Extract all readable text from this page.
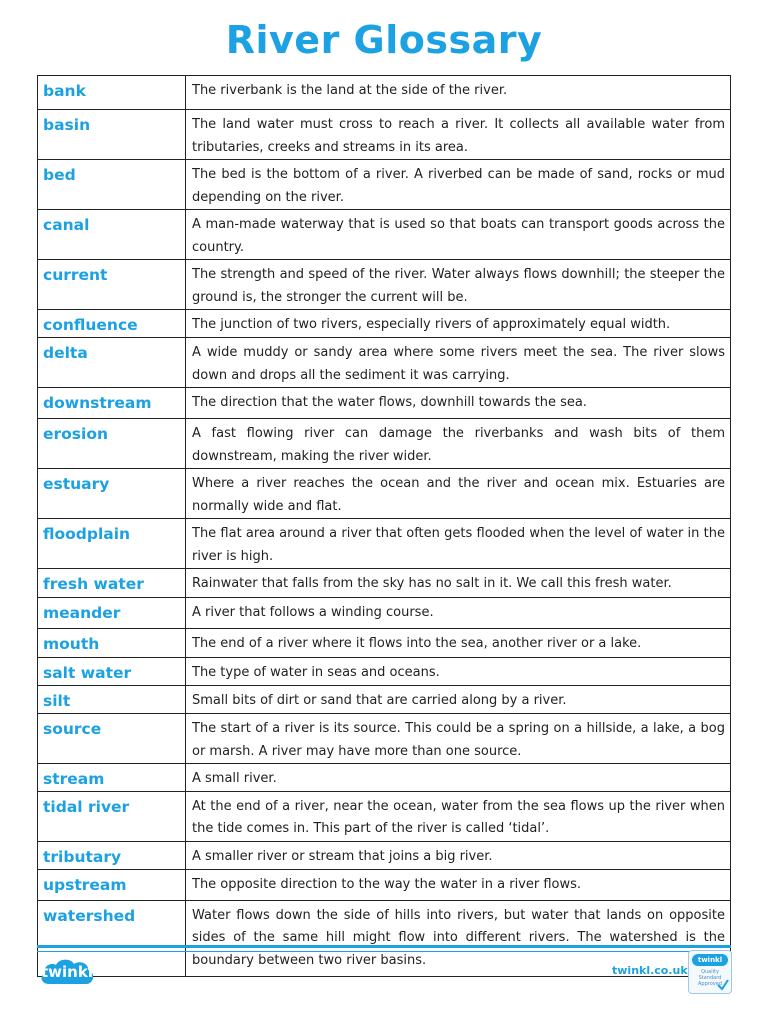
River Glossary
bank	The riverbank is the land at the side of the river.
basin	The land water must cross to reach a river. It collects all available water from tributaries, creeks and streams in its area.
bed	The bed is the bottom of a river. A riverbed can be made of sand, rocks or mud depending on the river.
canal	A man-made waterway that is used so that boats can transport goods across the country.
current	The strength and speed of the river. Water always flows downhill; the steeper the ground is, the stronger the current will be.
confluence	The junction of two rivers, especially rivers of approximately equal width.
delta	A wide muddy or sandy area where some rivers meet the sea. The river slows down and drops all the sediment it was carrying.
downstream	The direction that the water flows, downhill towards the sea.
erosion	A fast flowing river can damage the riverbanks and wash bits of them downstream, making the river wider.
estuary	Where a river reaches the ocean and the river and ocean mix. Estuaries are normally wide and flat.
floodplain	The flat area around a river that often gets flooded when the level of water in the river is high.
fresh water	Rainwater that falls from the sky has no salt in it. We call this fresh water.
meander	A river that follows a winding course.
mouth	The end of a river where it flows into the sea, another river or a lake.
salt water	The type of water in seas and oceans.
silt	Small bits of dirt or sand that are carried along by a river.
source	The start of a river is its source. This could be a spring on a hillside, a lake, a bog or marsh. A river may have more than one source.
stream	A small river.
tidal river	At the end of a river, near the ocean, water from the sea flows up the river when the tide comes in. This part of the river is called ‘tidal’.
tributary	A smaller river or stream that joins a big river.
upstream	The opposite direction to the way the water in a river flows.
watershed	Water flows down the side of hills into rivers, but water that lands on opposite sides of the same hill might flow into different rivers. The watershed is the boundary between two river basins.
twinkl	twinkl.co.uk
twinkl
Quality Standard Approved
